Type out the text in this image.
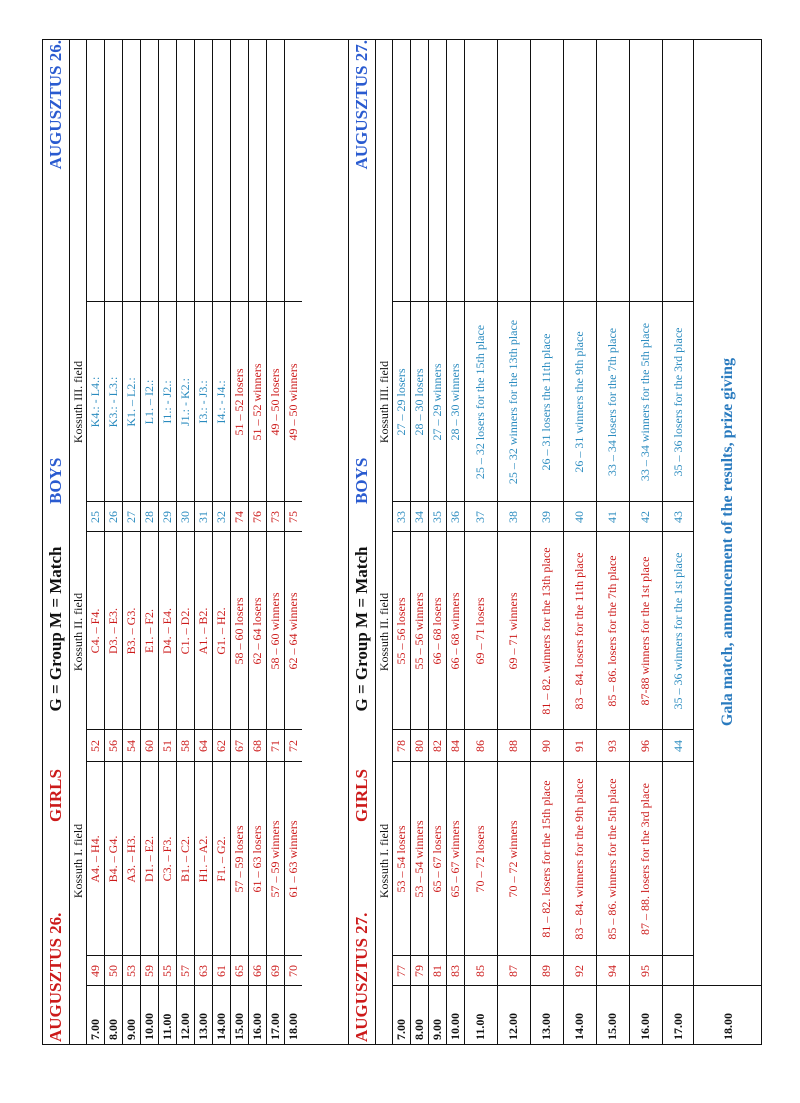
AUGUSZTUS 26.
GIRLS
G = Group M = Match
BOYS
AUGUSZTUS 26.
Kossuth I. field
Kossuth II. field
Kossuth III. field
7.00
49
A4. – H4.
52
C4. – F4.
25
K4.: - L4.:
8.00
50
B4. – G4.
56
D3. – E3.
26
K3.: - L3.:
9.00
53
A3. – H3.
54
B3. – G3.
27
K1. – L2.:
10.00
59
D1. – E2.
60
E1. – F2.
28
L1. – I2.:
11.00
55
C3. – F3.
51
D4. – E4.
29
I1.: - J2.:
12.00
57
B1. – C2.
58
C1. – D2.
30
J1.: - K2.:
13.00
63
H1. – A2.
64
A1. – B2.
31
I3.: - J3.:
14.00
61
F1. – G2.
62
G1. – H2.
32
I4.: - J4.:
15.00
65
57 – 59 losers
67
58 – 60 losers
74
51 – 52 losers
16.00
66
61 – 63 losers
68
62 – 64 losers
76
51 – 52 winners
17.00
69
57 – 59 winners
71
58 – 60 winners
73
49 – 50 losers
18.00
70
61 – 63 winners
72
62 – 64 winners
75
49 – 50 winners
AUGUSZTUS 27.
GIRLS
G = Group M = Match
BOYS
AUGUSZTUS 27.
Kossuth I. field
Kossuth II. field
Kossuth III. field
7.00
77
53 – 54 losers
78
55 – 56 losers
33
27 – 29 losers
8.00
79
53 – 54 winners
80
55 – 56 winners
34
28 – 30 losers
9.00
81
65 – 67 losers
82
66 – 68 losers
35
27 – 29 winners
10.00
83
65 – 67 winners
84
66 – 68 winners
36
28 – 30 winners
11.00
85
70 – 72 losers
86
69 – 71 losers
37
25 – 32 losers for the 15th place
12.00
87
70 – 72 winners
88
69 – 71 winners
38
25 – 32 winners for the 13th place
13.00
89
81 – 82. losers for the 15th place
90
81 – 82. winners for the 13th place
39
26 – 31 losers the 11th place
14.00
92
83 – 84. winners for the 9th place
91
83 – 84. losers for the 11th place
40
26 – 31 winners the 9th place
15.00
94
85 – 86. winners for the 5th place
93
85 – 86. losers for the 7th place
41
33 – 34 losers for the 7th place
16.00
95
87 – 88. losers for the 3rd place
96
87-88 winners for the 1st place
42
33 – 34 winners for the 5th place
17.00
44
35 – 36 winners for the 1st place
43
35 – 36 losers for the 3rd place
18.00
Gala match, announcement of the results, prize giving
